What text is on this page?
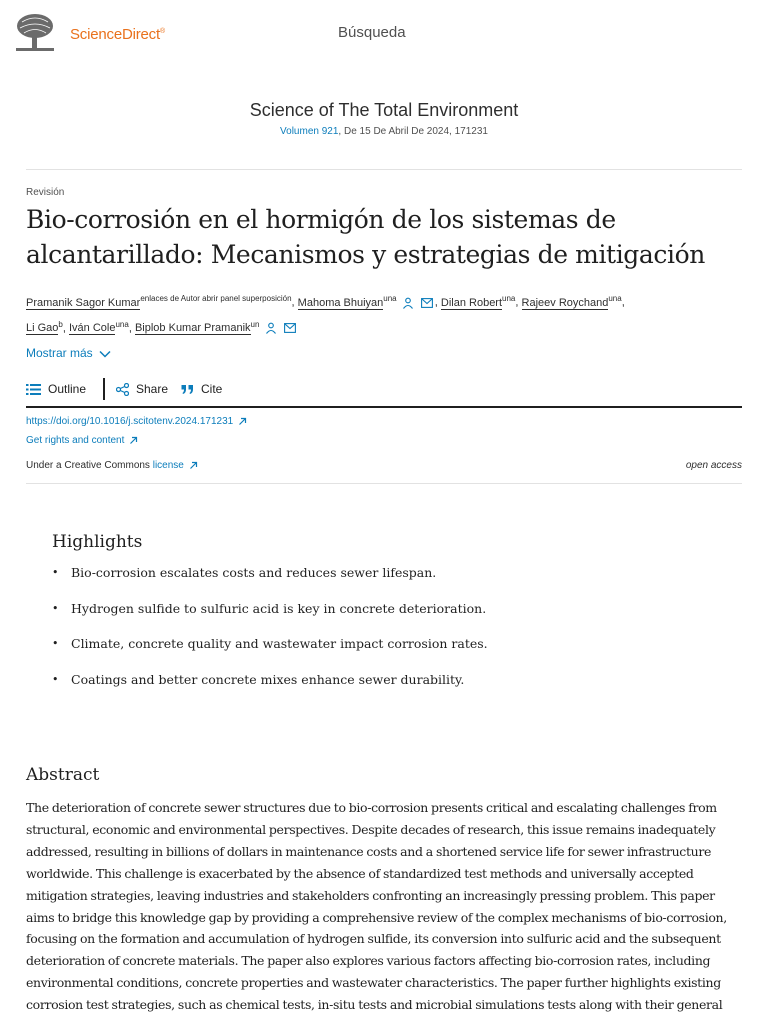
ScienceDirect®	Búsqueda
Science of The Total Environment
Volumen 921, De 15 De Abril De 2024, 171231
Revisión
Bio-corrosión en el hormigón de los sistemas de alcantarillado: Mecanismos y estrategias de mitigación
Pramanik Sagor Kumar$^{enlaces de Autor abrir panel superposición}$, Mahoma Bhuiyan$^{una}$	, Dilan Robert$^{una}$, Rajeev Roychand$^{una}$,
Li Gao$^b$, Iván Cole$^{una}$, Biplob Kumar Pramanik$^{un}$
Mostrar más
Outline	Share	Cite
https://doi.org/10.1016/j.scitotenv.2024.171231
Get rights and content
Under a Creative Commons license	open access
Highlights
• Bio-corrosion escalates costs and reduces sewer lifespan.
• Hydrogen sulfide to sulfuric acid is key in concrete deterioration.
• Climate, concrete quality and wastewater impact corrosion rates.
• Coatings and better concrete mixes enhance sewer durability.
Abstract

The deterioration of concrete sewer structures due to bio-corrosion presents critical and escalating challenges from structural, economic and environmental perspectives. Despite decades of research, this issue remains inadequately addressed, resulting in billions of dollars in maintenance costs and a shortened service life for sewer infrastructure worldwide. This challenge is exacerbated by the absence of standardized test methods and universally accepted mitigation strategies, leaving industries and stakeholders confronting an increasingly pressing problem. This paper aims to bridge this knowledge gap by providing a comprehensive review of the complex mechanisms of bio-corrosion, focusing on the formation and accumulation of hydrogen sulfide, its conversion into sulfuric acid and the subsequent deterioration of concrete materials. The paper also explores various factors affecting bio-corrosion rates, including environmental conditions, concrete properties and wastewater characteristics. The paper further highlights existing corrosion test strategies, such as chemical tests, in-situ tests and microbial simulations tests along with their general
